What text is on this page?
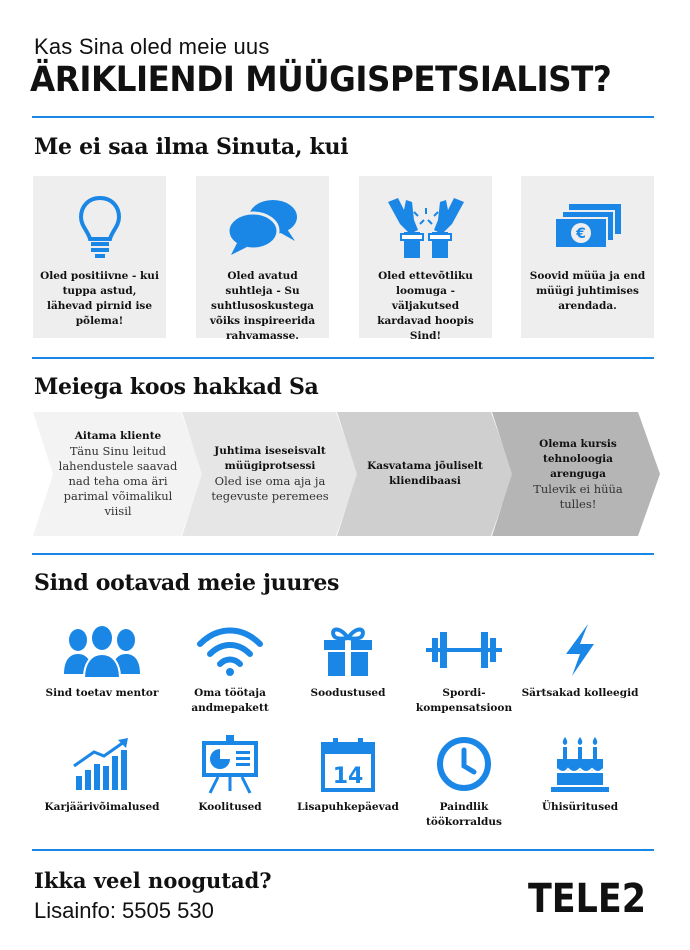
Kas Sina oled meie uus
ÄRIKLIENDI MÜÜGISPETSIALIST?
Me ei saa ilma Sinuta, kui
Oled positiivne - kui tuppa astud, lähevad pirnid ise põlema!
Oled avatud suhtleja - Su suhtlusoskustega võiks inspireerida rahvamasse.
Oled ettevõtliku loomuga - väljakutsed kardavad hoopis Sind!
€
Soovid müüa ja end müügi juhtimises arendada.
Meiega koos hakkad Sa
Aitama kliente
Tänu Sinu leitud lahendustele saavad nad teha oma äri parimal võimalikul viisil
Juhtima iseseisvalt müügiprotsessi
Oled ise oma aja ja tegevuste peremees
Kasvatama jõuliselt kliendibaasi
Olema kursis tehnoloogia arenguga
Tulevik ei hüüa tulles!
Sind ootavad meie juures
Sind toetav mentor	Oma töötaja andmepakett
Soodustused	Spordi-kompensatsioon
Särtsakad kolleegid
Karjäärivõimalused	Koolitused
14
Lisapuhkepäevad	Paindlik töökorraldus
Ühisüritused
Ikka veel noogutad?
Lisainfo: 5505 530	TELE2
